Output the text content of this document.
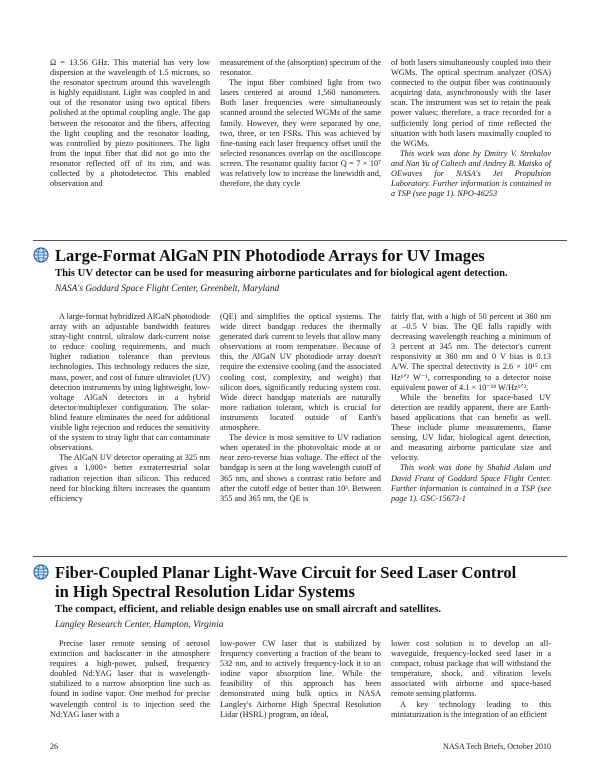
Ω = 13.56 GHz. This material has very low dispersion at the wavelength of 1.5 microns, so the resonator spectrum around this wavelength is highly equidistant. Light was coupled in and out of the resonator using two optical fibers polished at the optimal coupling angle. The gap between the resonator and the fibers, affecting the light coupling and the resonator loading, was controlled by piezo positioners. The light from the input fiber that did not go into the resonator reflected off of its rim, and was collected by a photodetector. This enabled observation and

measurement of the (absorption) spectrum of the resonator.

The input fiber combined light from two lasers centered at around 1,560 nanometers. Both laser frequencies were simultaneously scanned around the selected WGMs of the same family. However, they were separated by one, two, three, or ten FSRs. This was achieved by fine-tuning each laser frequency offset until the selected resonances overlap on the oscilloscope screen. The resonator quality factor Q = 7 × 10⁷ was relatively low to increase the linewidth and, therefore, the duty cycle

of both lasers simultaneously coupled into their WGMs. The optical spectrum analyzer (OSA) connected to the output fiber was continuously acquiring data, asynchronously with the laser scan. The instrument was set to retain the peak power values; therefore, a trace recorded for a sufficiently long period of time reflected the situation with both lasers maximally coupled to the WGMs.

This work was done by Dmitry V. Strekalov and Nan Yu of Caltech and Andrey B. Matsko of OEwaves for NASA's Jet Propulsion Laboratory. Further information is contained in a TSP (see page 1). NPO-46253

Large-Format AlGaN PIN Photodiode Arrays for UV Images
This UV detector can be used for measuring airborne particulates and for biological agent detection.
NASA's Goddard Space Flight Center, Greenbelt, Maryland

A large-format hybridized AlGaN photodiode array with an adjustable bandwidth features stray-light control, ultralow dark-current noise to reduce cooling requirements, and much higher radiation tolerance than previous technologies. This technology reduces the size, mass, power, and cost of future ultraviolet (UV) detection instruments by using lightweight, low-voltage AlGaN detectors in a hybrid detector/multiplexer configuration. The solar-blind feature eliminates the need for additional visible light rejection and reduces the sensitivity of the system to stray light that can contaminate observations.

The AlGaN UV detector operating at 325 nm gives a 1,000× better extraterrestrial solar radiation rejection than silicon. This reduced need for blocking filters increases the quantum efficiency

(QE) and simplifies the optical systems. The wide direct bandgap reduces the thermally generated dark current to levels that allow many observations at room temperature. Because of this, the AlGaN UV photodiode array doesn't require the extensive cooling (and the associated cooling cost, complexity, and weight) that silicon does, significantly reducing system cost. Wide direct bandgap materials are naturally more radiation tolerant, which is crucial for instruments located outside of Earth's atmosphere.

The device is most sensitive to UV radiation when operated in the photovoltaic mode at or near zero-reverse bias voltage. The effect of the bandgap is seen at the long wavelength cutoff of 365 nm, and shows a contrast ratio before and after the cutoff edge of better than 10³. Between 355 and 365 nm, the QE is

fairly flat, with a high of 50 percent at 360 nm at –0.5 V bias. The QE falls rapidly with decreasing wavelength reaching a minimum of 3 percent at 345 nm. The detector's current responsivity at 360 nm and 0 V bias is 0.13 A/W. The spectral detectivity is 2.6 × 10¹⁵ cm Hz¹ᐟ² W⁻¹, corresponding to a detector noise equivalent power of 4.1 × 10⁻¹⁸ W/Hz¹ᐟ².

While the benefits for space-based UV detection are readily apparent, there are Earth-based applications that can benefit as well. These include plume measurements, flame sensing, UV lidar, biological agent detection, and measuring airborne particulate size and velocity.

This work was done by Shahid Aslam and David Franz of Goddard Space Flight Center. Further information is contained in a TSP (see page 1). GSC-15673-1

Fiber-Coupled Planar Light-Wave Circuit for Seed Laser Control
in High Spectral Resolution Lidar Systems
The compact, efficient, and reliable design enables use on small aircraft and satellites.
Langley Research Center, Hampton, Virginia

Precise laser remote sensing of aerosol extinction and backscatter in the atmosphere requires a high-power, pulsed, frequency doubled Nd:YAG laser that is wavelength-stabilized to a narrow absorption line such as found in iodine vapor. One method for precise wavelength control is to injection seed the Nd:YAG laser with a

low-power CW laser that is stabilized by frequency converting a fraction of the beam to 532 nm, and to actively frequency-lock it to an iodine vapor absorption line. While the feasibility of this approach has been demonstrated using bulk optics in NASA Langley's Airborne High Spectral Resolution Lidar (HSRL) program, an ideal,

lower cost solution is to develop an all-waveguide, frequency-locked seed laser in a compact, robust package that will withstand the temperature, shock, and vibration levels associated with airborne and space-based remote sensing platforms.

A key technology leading to this miniaturization is the integration of an efficient

26	NASA Tech Briefs, October 2010
